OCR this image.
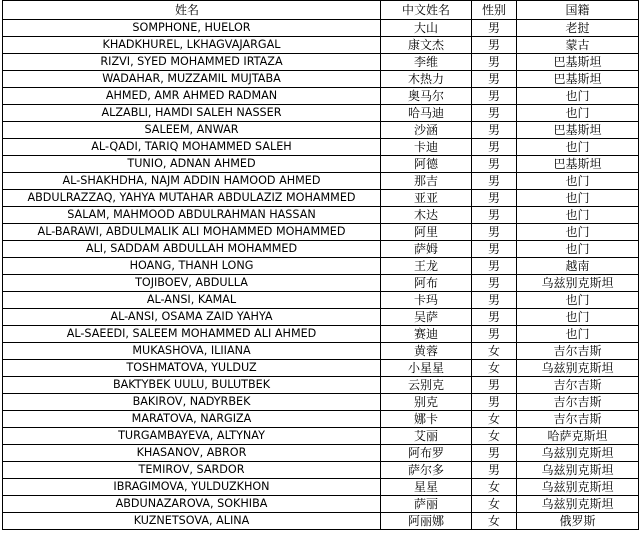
姓名	中文姓名	性别	国籍
SOMPHONE, HUELOR	大山	男	老挝
KHADKHUREL, LKHAGVAJARGAL	康文杰	男	蒙古
RIZVI, SYED MOHAMMED IRTAZA	李维	男	巴基斯坦
WADAHAR, MUZZAMIL MUJTABA	木热力	男	巴基斯坦
AHMED, AMR AHMED RADMAN	奥马尔	男	也门
ALZABLI, HAMDI SALEH NASSER	哈马迪	男	也门
SALEEM, ANWAR	沙涵	男	巴基斯坦
AL-QADI, TARIQ MOHAMMED SALEH	卡迪	男	也门
TUNIO, ADNAN AHMED	阿德	男	巴基斯坦
AL-SHAKHDHA, NAJM ADDIN HAMOOD AHMED	那吉	男	也门
ABDULRAZZAQ, YAHYA MUTAHAR ABDULAZIZ MOHAMMED	亚亚	男	也门
SALAM, MAHMOOD ABDULRAHMAN HASSAN	木达	男	也门
AL-BARAWI, ABDULMALIK ALI MOHAMMED MOHAMMED	阿里	男	也门
ALI, SADDAM ABDULLAH MOHAMMED	萨姆	男	也门
HOANG, THANH LONG	王龙	男	越南
TOJIBOEV, ABDULLA	阿布	男	乌兹别克斯坦
AL-ANSI, KAMAL	卡玛	男	也门
AL-ANSI, OSAMA ZAID YAHYA	吴萨	男	也门
AL-SAEEDI, SALEEM MOHAMMED ALI AHMED	赛迪	男	也门
MUKASHOVA, ILIIANA	黄蓉	女	吉尔吉斯
TOSHMATOVA, YULDUZ	小星星	女	乌兹别克斯坦
BAKTYBEK UULU, BULUTBEK	云别克	男	吉尔吉斯
BAKIROV, NADYRBEK	别克	男	吉尔吉斯
MARATOVA, NARGIZA	娜卡	女	吉尔吉斯
TURGAMBAYEVA, ALTYNAY	艾丽	女	哈萨克斯坦
KHASANOV, ABROR	阿布罗	男	乌兹别克斯坦
TEMIROV, SARDOR	萨尔多	男	乌兹别克斯坦
IBRAGIMOVA, YULDUZKHON	星星	女	乌兹别克斯坦
ABDUNAZAROVA, SOKHIBA	萨丽	女	乌兹别克斯坦
KUZNETSOVA, ALINA	阿丽娜	女	俄罗斯
